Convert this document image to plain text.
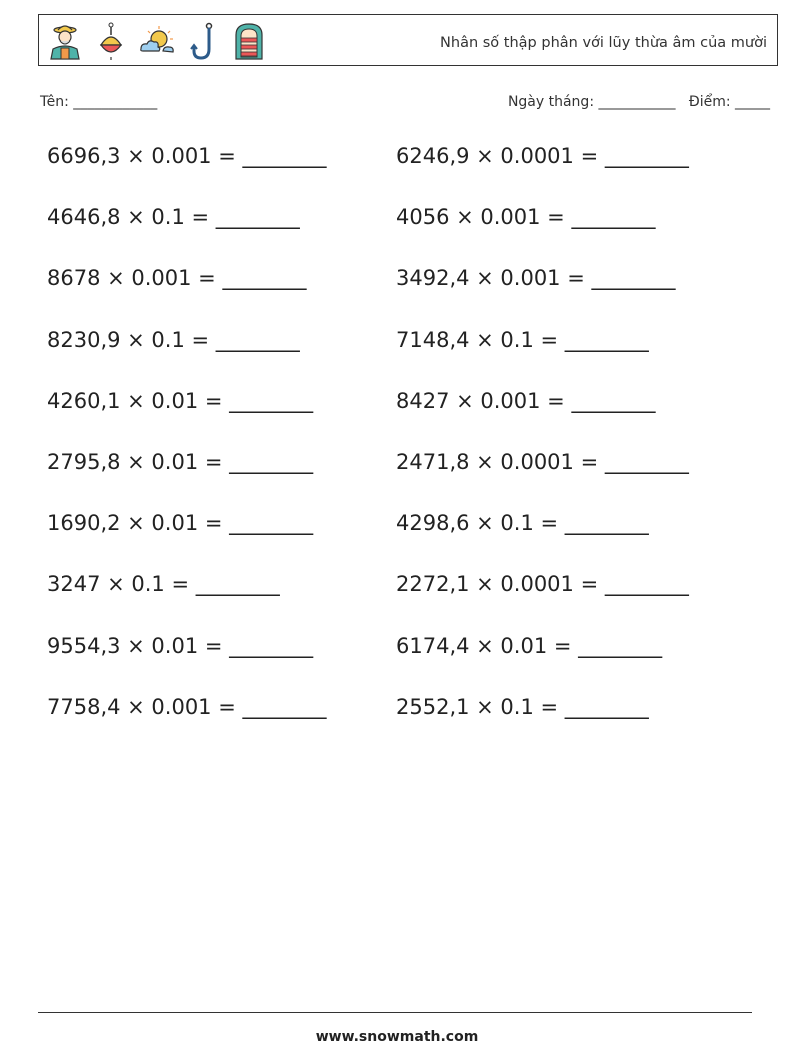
Nhân số thập phân với lũy thừa âm của mười
Tên: ____________	Ngày tháng: ___________ Điểm: _____
6696,3 × 0.001 = ________	6246,9 × 0.0001 = ________
4646,8 × 0.1 = ________	4056 × 0.001 = ________
8678 × 0.001 = ________	3492,4 × 0.001 = ________
8230,9 × 0.1 = ________	7148,4 × 0.1 = ________
4260,1 × 0.01 = ________	8427 × 0.001 = ________
2795,8 × 0.01 = ________	2471,8 × 0.0001 = ________
1690,2 × 0.01 = ________	4298,6 × 0.1 = ________
3247 × 0.1 = ________	2272,1 × 0.0001 = ________
9554,3 × 0.01 = ________	6174,4 × 0.01 = ________
7758,4 × 0.001 = ________	2552,1 × 0.1 = ________
www.snowmath.com
